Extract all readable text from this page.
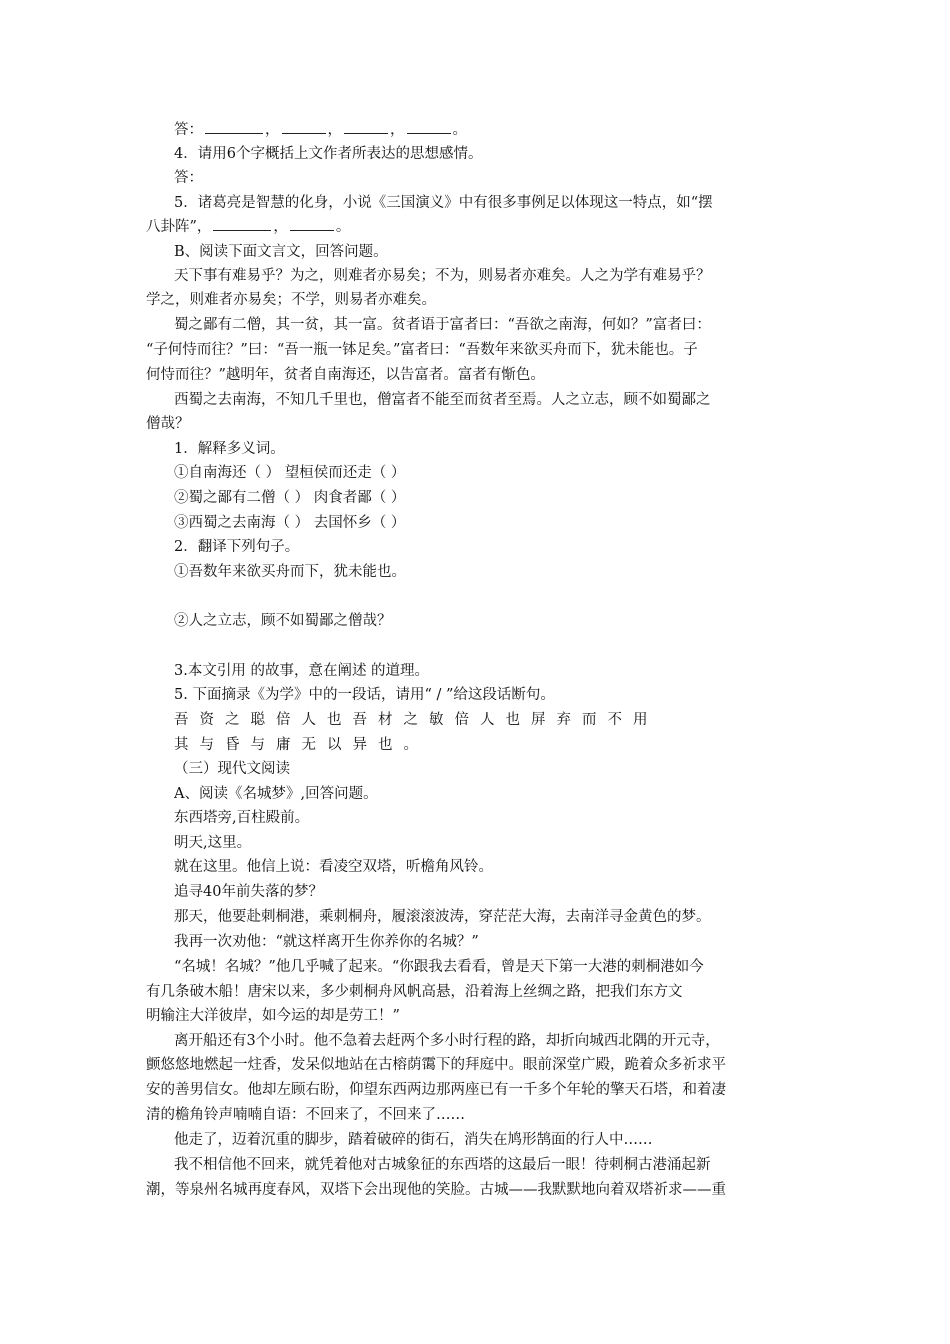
答：	，	，	，	。
4．请用6个字概括上文作者所表达的思想感情。
答：
5．诸葛亮是智慧的化身，小说《三国演义》中有很多事例足以体现这一特点，如“摆
八卦阵”，	，	。
B、阅读下面文言文，回答问题。
天下事有难易乎？为之，则难者亦易矣；不为，则易者亦难矣。人之为学有难易乎？
学之，则难者亦易矣；不学，则易者亦难矣。
蜀之鄙有二僧，其一贫，其一富。贫者语于富者曰：“吾欲之南海，何如？”富者曰：
“子何恃而往？”曰：“吾一瓶一钵足矣。”富者曰：“吾数年来欲买舟而下，犹未能也。子
何恃而往？”越明年，贫者自南海还，以告富者。富者有惭色。
西蜀之去南海，不知几千里也，僧富者不能至而贫者至焉。人之立志，顾不如蜀鄙之
僧哉？
1．解释多义词。
①自南海还（ ） 望桓侯而还走（ ）
②蜀之鄙有二僧（ ） 肉食者鄙（ ）
③西蜀之去南海（ ） 去国怀乡（ ）
2．翻译下列句子。
①吾数年来欲买舟而下，犹未能也。
②人之立志，顾不如蜀鄙之僧哉？
3.本文引用 的故事，意在阐述 的道理。
5. 下面摘录《为学》中的一段话，请用“ / ”给这段话断句。
吾资之聪倍人也吾材之敏倍人也屏弃而不用
其与昏与庸无以异也。
（三）现代文阅读
A、阅读《名城梦》,回答问题。
东西塔旁,百柱殿前。
明天,这里。
就在这里。他信上说：看凌空双塔，听檐角风铃。
追寻40年前失落的梦？
那天，他要赴刺桐港，乘刺桐舟，履滚滚波涛，穿茫茫大海，去南洋寻金黄色的梦。
我再一次劝他：“就这样离开生你养你的名城？”
“名城！名城？”他几乎喊了起来。“你跟我去看看，曾是天下第一大港的刺桐港如今
有几条破木船！唐宋以来，多少刺桐舟风帆高悬，沿着海上丝绸之路，把我们东方文
明输注大洋彼岸，如今运的却是劳工！”
离开船还有3个小时。他不急着去赶两个多小时行程的路，却折向城西北隅的开元寺，
颤悠悠地燃起一炷香，发呆似地站在古榕荫霭下的拜庭中。眼前深堂广殿，跪着众多祈求平
安的善男信女。他却左顾右盼，仰望东西两边那两座已有一千多个年轮的擎天石塔，和着凄
清的檐角铃声喃喃自语：不回来了，不回来了……
他走了，迈着沉重的脚步，踏着破碎的街石，消失在鸠形鹄面的行人中……
我不相信他不回来，就凭着他对古城象征的东西塔的这最后一眼！待刺桐古港涌起新
潮，等泉州名城再度春风，双塔下会出现他的笑脸。古城——我默默地向着双塔祈求——重
